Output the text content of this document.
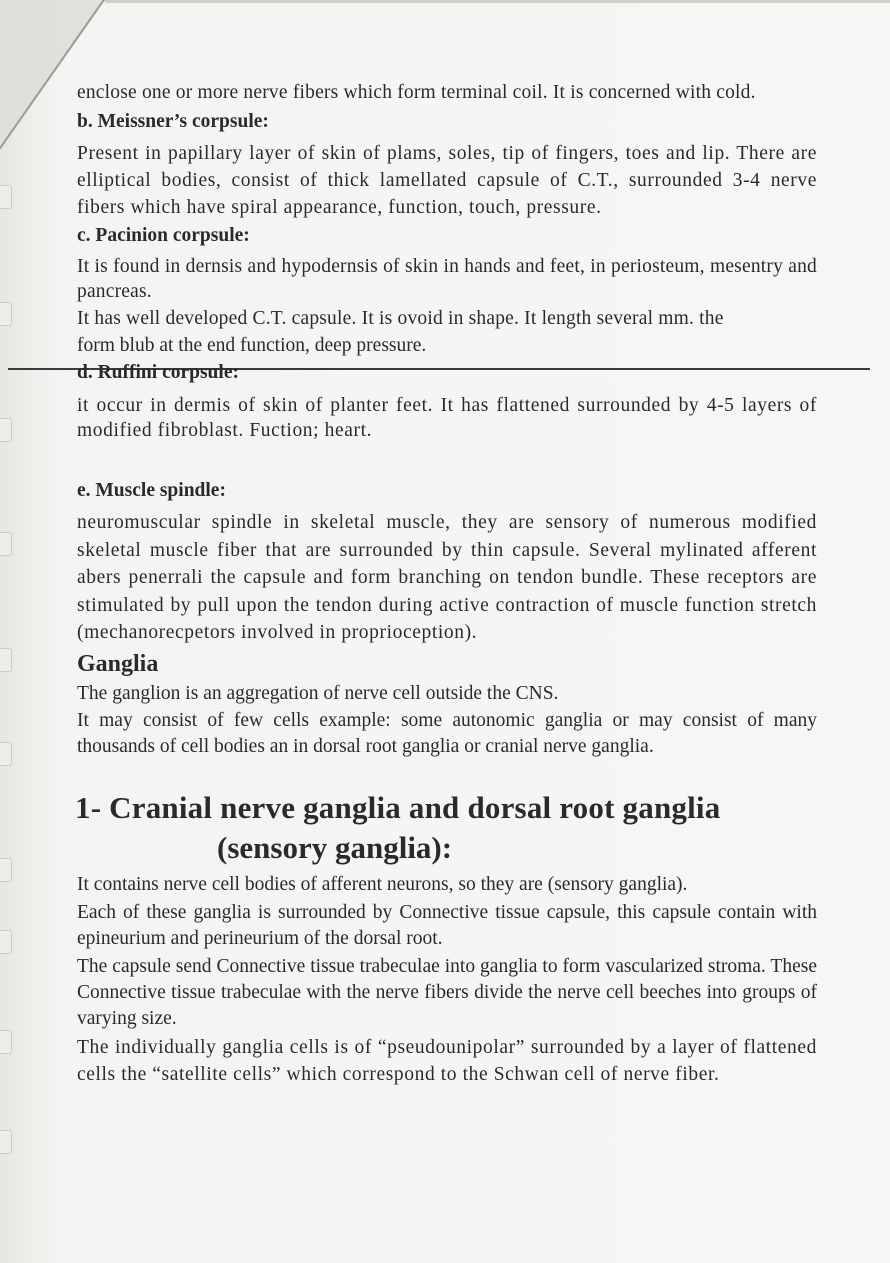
enclose one or more nerve fibers which form terminal coil. It is concerned with cold.

b. Meissner’s corpsule:

Present in papillary layer of skin of plams, soles, tip of fingers, toes and lip. There are elliptical bodies, consist of thick lamellated capsule of C.T., surrounded 3-4 nerve fibers which have spiral appearance, function, touch, pressure.

c. Pacinion corpsule:

It is found in dernsis and hypodernsis of skin in hands and feet, in periosteum, mesentry and pancreas.

It has well developed C.T. capsule. It is ovoid in shape. It length several mm. the

form blub at the end function, deep pressure.

d. Ruffini corpsule:

it occur in dermis of skin of planter feet. It has flattened surrounded by 4-5 layers of modified fibroblast. Fuction; heart.

e. Muscle spindle:

neuromuscular spindle in skeletal muscle, they are sensory of numerous modified skeletal muscle fiber that are surrounded by thin capsule. Several mylinated afferent abers penerrali the capsule and form branching on tendon bundle. These receptors are stimulated by pull upon the tendon during active contraction of muscle function stretch (mechanorecpetors involved in proprioception).

Ganglia

The ganglion is an aggregation of nerve cell outside the CNS.

It may consist of few cells example: some autonomic ganglia or may consist of many thousands of cell bodies an in dorsal root ganglia or cranial nerve ganglia.

1- Cranial nerve ganglia and dorsal root ganglia

(sensory ganglia):

It contains nerve cell bodies of afferent neurons, so they are (sensory ganglia).

Each of these ganglia is surrounded by Connective tissue capsule, this capsule contain with epineurium and perineurium of the dorsal root.

The capsule send Connective tissue trabeculae into ganglia to form vascularized stroma. These Connective tissue trabeculae with the nerve fibers divide the nerve cell beeches into groups of varying size.

The individually ganglia cells is of “pseudounipolar” surrounded by a layer of flattened cells the “satellite cells” which correspond to the Schwan cell of nerve fiber.
